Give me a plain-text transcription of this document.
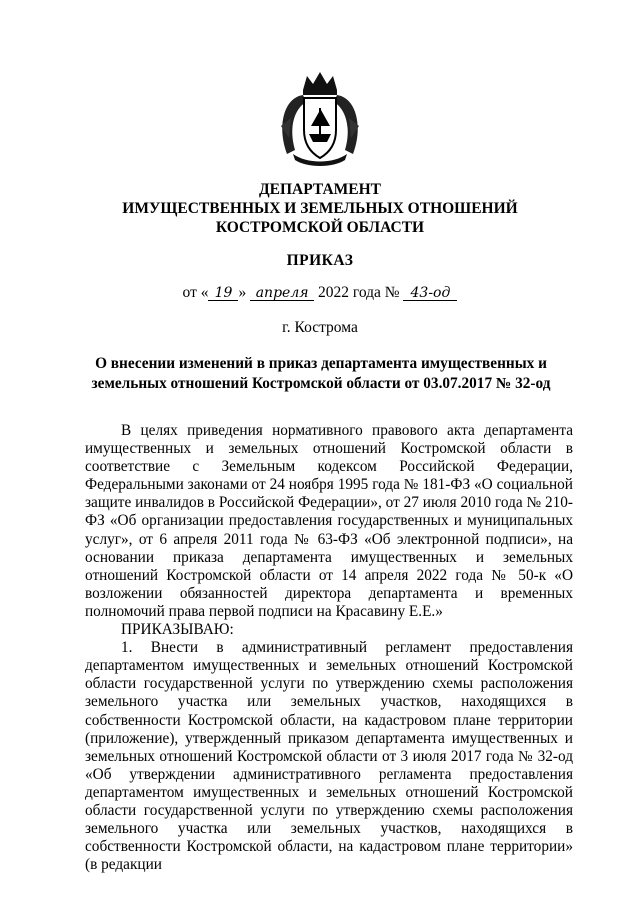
ДЕПАРТАМЕНТ
ИМУЩЕСТВЕННЫХ И ЗЕМЕЛЬНЫХ ОТНОШЕНИЙ
КОСТРОМСКОЙ ОБЛАСТИ
ПРИКАЗ
от « 19 » апреля 2022 года № 43-од
г. Кострома
О внесении изменений в приказ департамента имущественных и
земельных отношений Костромской области от 03.07.2017 № 32-од

В целях приведения нормативного правового акта департамента имущественных и земельных отношений Костромской области в соответствие с Земельным кодексом Российской Федерации, Федеральными законами от 24 ноября 1995 года № 181-ФЗ «О социальной защите инвалидов в Российской Федерации», от 27 июля 2010 года № 210-ФЗ «Об организации предоставления государственных и муниципальных услуг», от 6 апреля 2011 года № 63-ФЗ «Об электронной подписи», на основании приказа департамента имущественных и земельных отношений Костромской области от 14 апреля 2022 года № 50-к «О возложении обязанностей директора департамента и временных полномочий права первой подписи на Красавину Е.Е.»

ПРИКАЗЫВАЮ:

1. Внести в административный регламент предоставления департаментом имущественных и земельных отношений Костромской области государственной услуги по утверждению схемы расположения земельного участка или земельных участков, находящихся в собственности Костромской области, на кадастровом плане территории (приложение), утвержденный приказом департамента имущественных и земельных отношений Костромской области от 3 июля 2017 года № 32-од «Об утверждении административного регламента предоставления департаментом имущественных и земельных отношений Костромской области государственной услуги по утверждению схемы расположения земельного участка или земельных участков, находящихся в собственности Костромской области, на кадастровом плане территории» (в редакции
